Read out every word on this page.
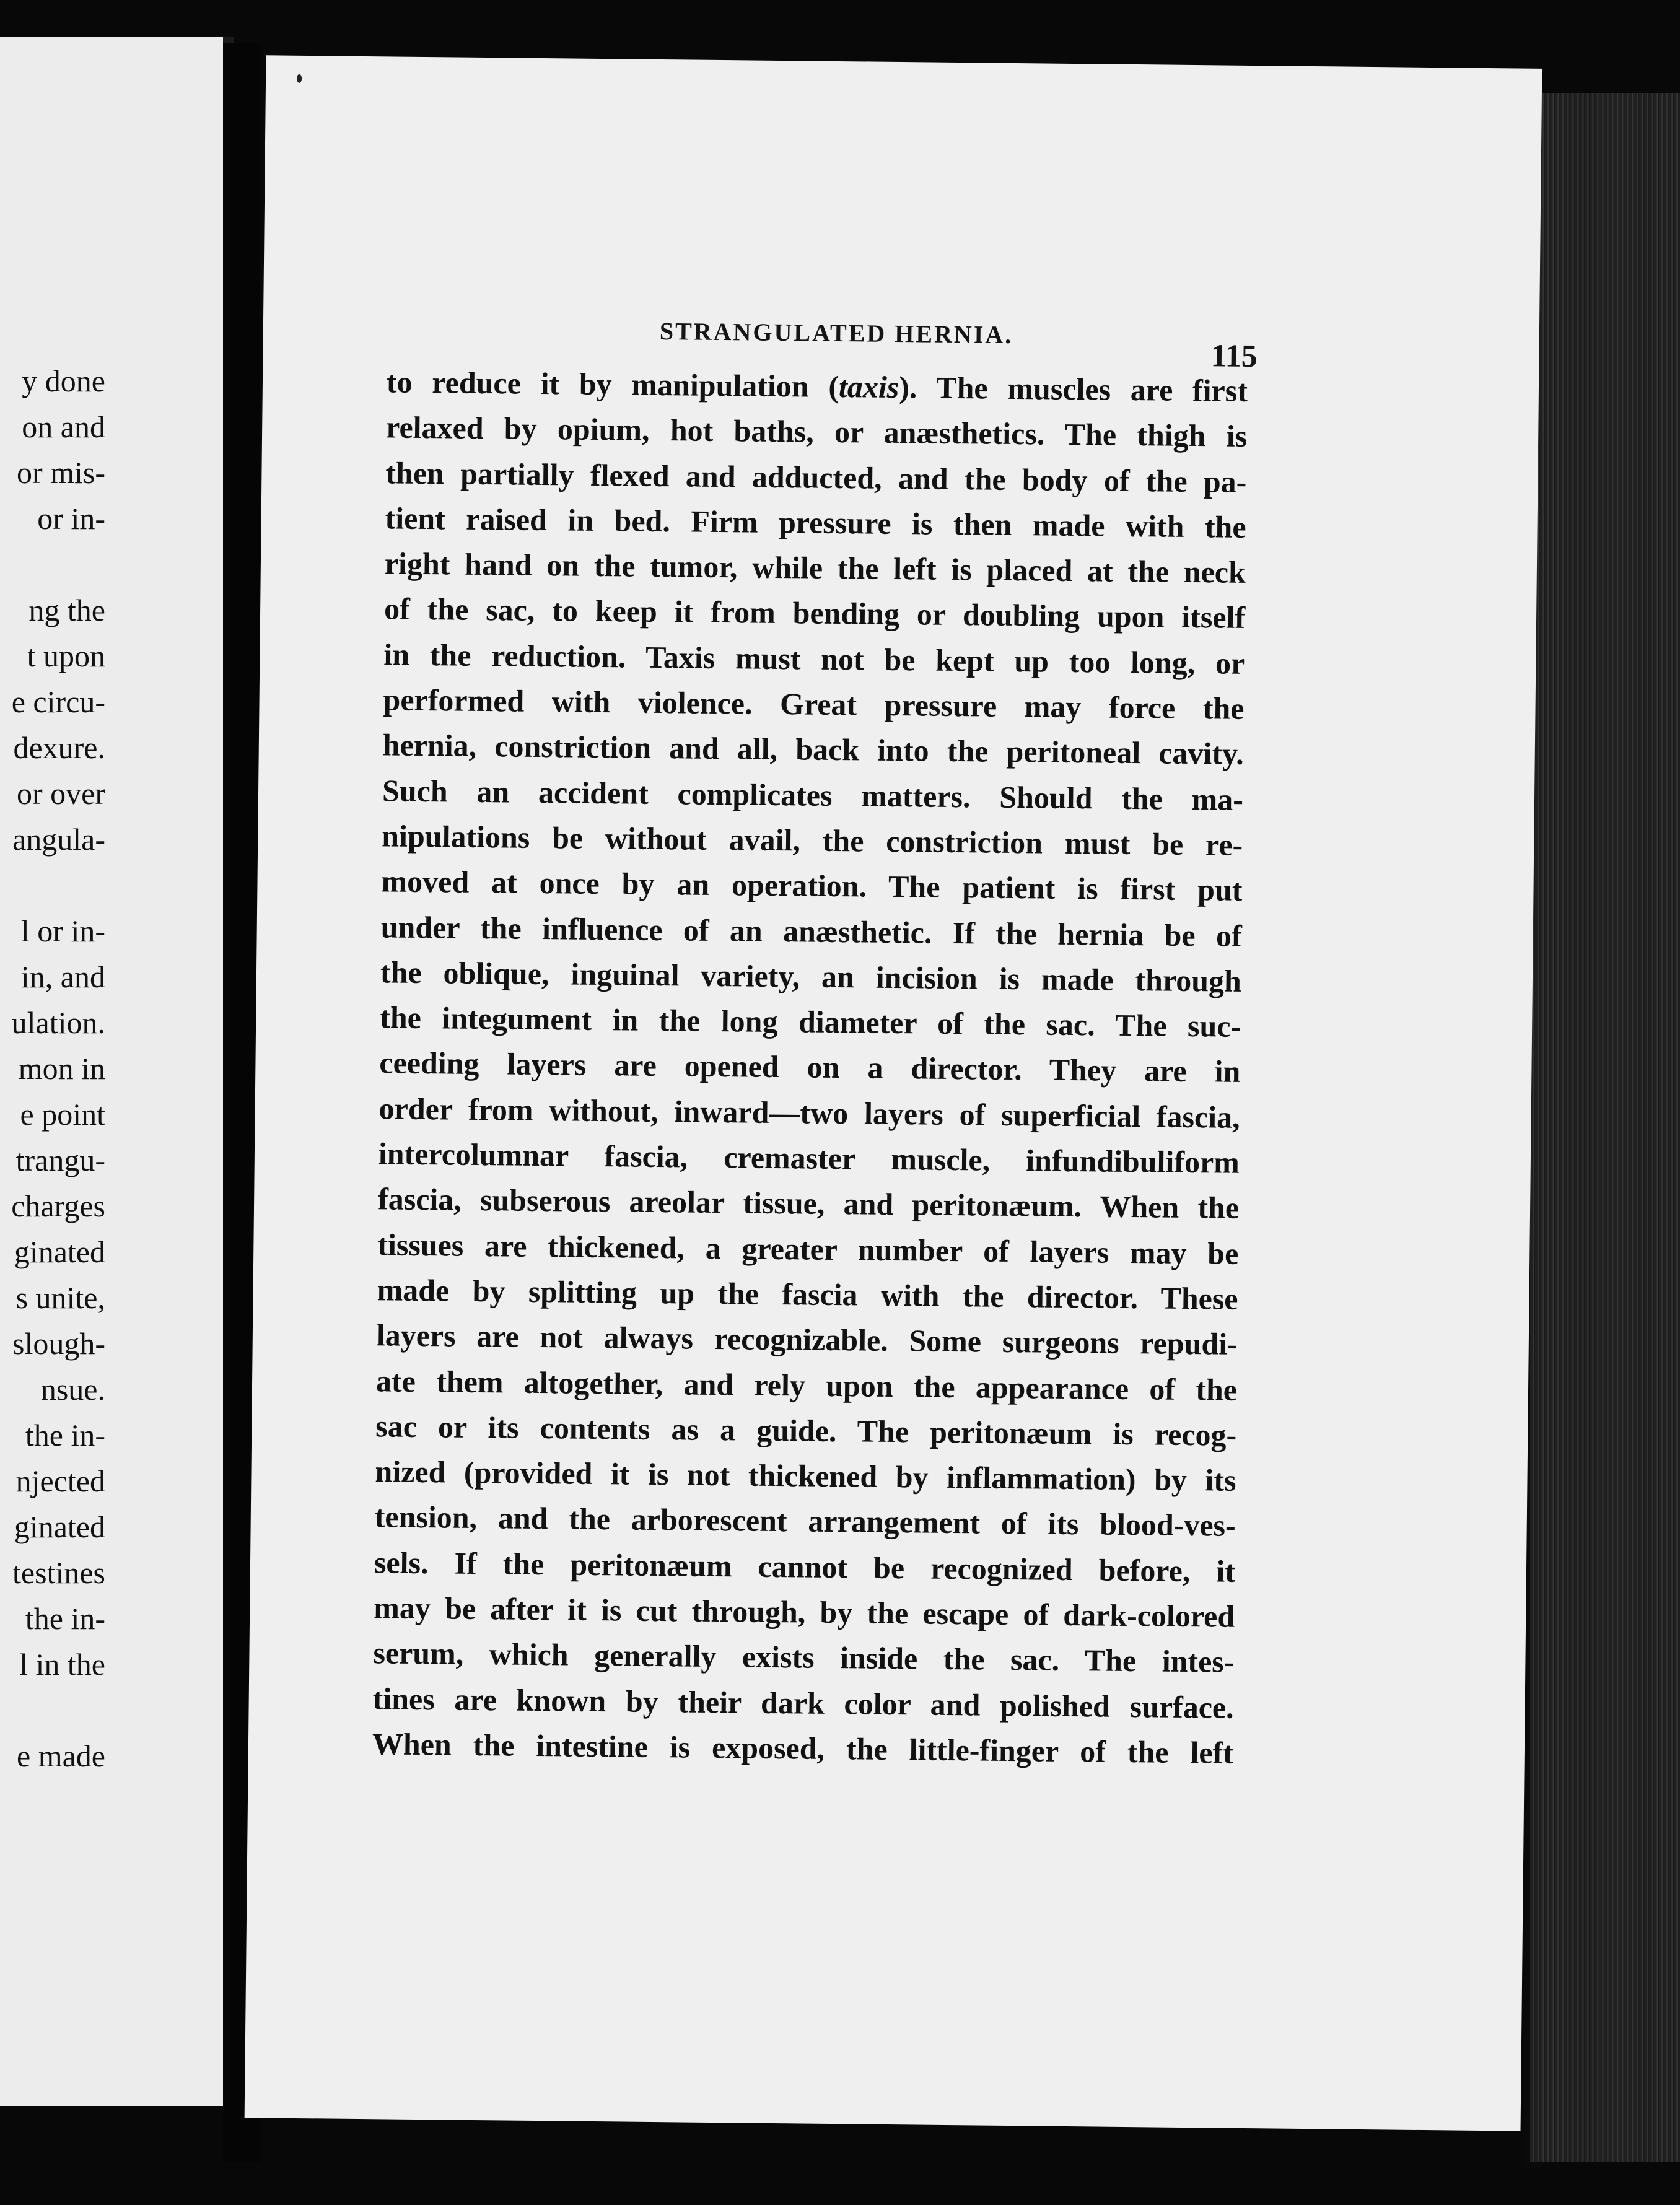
y done

on and

or mis-

or in-

ng the

t upon

e circu-

dexure.

or over

angula-

l or in-

in, and

ulation.

mon in

e point

trangu-

charges

ginated

s unite,

slough-

nsue.

the in-

njected

ginated

testines

the in-

l in the

e made

STRANGULATED HERNIA.
115
to reduce it by manipulation (taxis). The muscles are first
relaxed by opium, hot baths, or anæsthetics. The thigh is
then partially flexed and adducted, and the body of the pa-
tient raised in bed. Firm pressure is then made with the
right hand on the tumor, while the left is placed at the neck
of the sac, to keep it from bending or doubling upon itself
in the reduction. Taxis must not be kept up too long, or
performed with violence. Great pressure may force the
hernia, constriction and all, back into the peritoneal cavity.
Such an accident complicates matters. Should the ma-
nipulations be without avail, the constriction must be re-
moved at once by an operation. The patient is first put
under the influence of an anæsthetic. If the hernia be of
the oblique, inguinal variety, an incision is made through
the integument in the long diameter of the sac. The suc-
ceeding layers are opened on a director. They are in
order from without, inward—two layers of superficial fascia,
intercolumnar fascia, cremaster muscle, infundibuliform
fascia, subserous areolar tissue, and peritonæum. When the
tissues are thickened, a greater number of layers may be
made by splitting up the fascia with the director. These
layers are not always recognizable. Some surgeons repudi-
ate them altogether, and rely upon the appearance of the
sac or its contents as a guide. The peritonæum is recog-
nized (provided it is not thickened by inflammation) by its
tension, and the arborescent arrangement of its blood-ves-
sels. If the peritonæum cannot be recognized before, it
may be after it is cut through, by the escape of dark-colored
serum, which generally exists inside the sac. The intes-
tines are known by their dark color and polished surface.
When the intestine is exposed, the little-finger of the left
